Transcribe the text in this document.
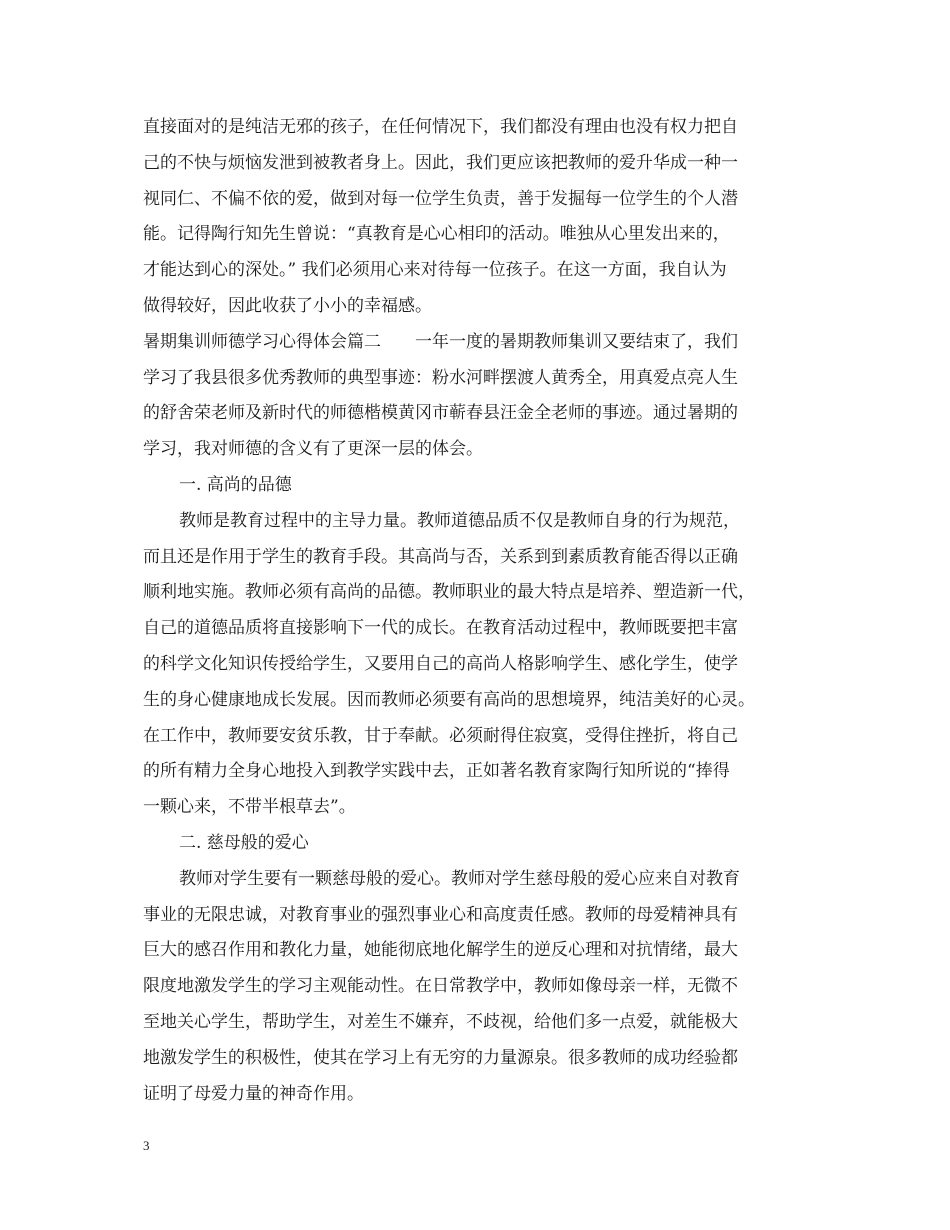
直接面对的是纯洁无邪的孩子，在任何情况下，我们都没有理由也没有权力把自
己的不快与烦恼发泄到被教者身上。因此，我们更应该把教师的爱升华成一种一
视同仁、不偏不依的爱，做到对每一位学生负责，善于发掘每一位学生的个人潜
能。记得陶行知先生曾说：“真教育是心心相印的活动。唯独从心里发出来的，
才能达到心的深处。” 我们必须用心来对待每一位孩子。在这一方面，我自认为
做得较好，因此收获了小小的幸福感。
暑期集训师德学习心得体会篇二　　一年一度的暑期教师集训又要结束了，我们
学习了我县很多优秀教师的典型事迹：粉水河畔摆渡人黄秀全，用真爱点亮人生
的舒舍荣老师及新时代的师德楷模黄冈市蕲春县汪金全老师的事迹。通过暑期的
学习，我对师德的含义有了更深一层的体会。
一. 高尚的品德
教师是教育过程中的主导力量。教师道德品质不仅是教师自身的行为规范，
而且还是作用于学生的教育手段。其高尚与否，关系到到素质教育能否得以正确
顺利地实施。教师必须有高尚的品德。教师职业的最大特点是培养、塑造新一代，
自己的道德品质将直接影响下一代的成长。在教育活动过程中，教师既要把丰富
的科学文化知识传授给学生，又要用自己的高尚人格影响学生、感化学生，使学
生的身心健康地成长发展。因而教师必须要有高尚的思想境界，纯洁美好的心灵。
在工作中，教师要安贫乐教，甘于奉献。必须耐得住寂寞，受得住挫折，将自己
的所有精力全身心地投入到教学实践中去，正如著名教育家陶行知所说的“捧得
一颗心来，不带半根草去”。
二. 慈母般的爱心
教师对学生要有一颗慈母般的爱心。教师对学生慈母般的爱心应来自对教育
事业的无限忠诚，对教育事业的强烈事业心和高度责任感。教师的母爱精神具有
巨大的感召作用和教化力量，她能彻底地化解学生的逆反心理和对抗情绪，最大
限度地激发学生的学习主观能动性。在日常教学中，教师如像母亲一样，无微不
至地关心学生，帮助学生，对差生不嫌弃，不歧视，给他们多一点爱，就能极大
地激发学生的积极性，使其在学习上有无穷的力量源泉。很多教师的成功经验都
证明了母爱力量的神奇作用。
3
